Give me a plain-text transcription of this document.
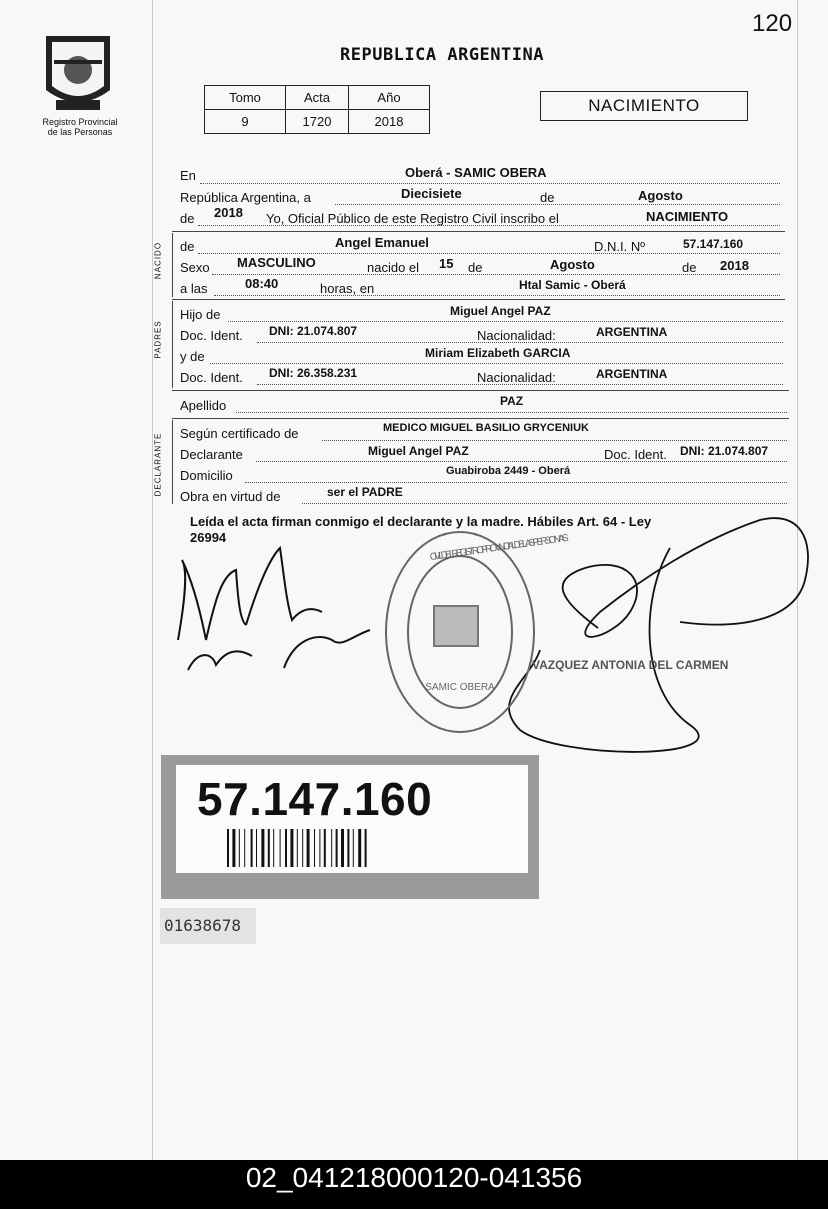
120
Registro Provincial
de las Personas
REPUBLICA ARGENTINA
Tomo	Acta	Año
9	1720	2018
NACIMIENTO
En	Oberá - SAMIC OBERA
República Argentina, a	Diecisiete	de	Agosto
de 2018 Yo, Oficial Público de este Registro Civil inscribo el	NACIMIENTO
NACIDO de	Angel Emanuel	D.N.I. Nº	57.147.160
Sexo MASCULINO	nacido el 15 de	Agosto	de 2018
a las	08:40	horas, en	Htal Samic - Oberá
PADRES
Hijo de	Miguel Angel PAZ
Doc. Ident. DNI: 21.074.807	Nacionalidad:	ARGENTINA
y de	Miriam Elizabeth GARCIA
Doc. Ident. DNI: 26.358.231	Nacionalidad:	ARGENTINA
Apellido	PAZ
DECLARANTE Según certificado de	MEDICO MIGUEL BASILIO GRYCENIUK
Declarante	Miguel Angel PAZ	Doc. Ident. DNI: 21.074.807
Domicilio	Guabiroba 2449 - Oberá
Obra en virtud de	ser el PADRE
Leída el acta firman conmigo el declarante y la madre. Hábiles Art. 64 - Ley
26994
SAMIC OBERA
CIVIL DEL REGISTRO PROVINCIAL DE LAS PERSONAS
VAZQUEZ ANTONIA DEL CARMEN
57.147.160
01638678
02_041218000120-041356
